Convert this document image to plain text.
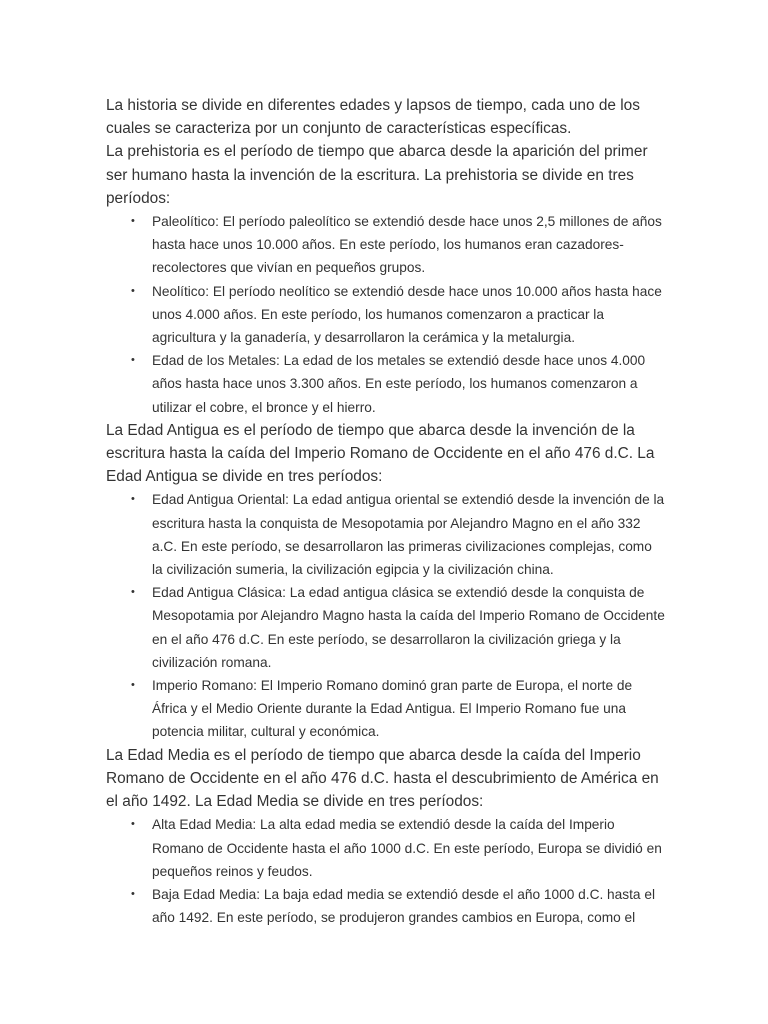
La historia se divide en diferentes edades y lapsos de tiempo, cada uno de los cuales se caracteriza por un conjunto de características específicas.

La prehistoria es el período de tiempo que abarca desde la aparición del primer ser humano hasta la invención de la escritura. La prehistoria se divide en tres períodos:

• Paleolítico: El período paleolítico se extendió desde hace unos 2,5 millones de años hasta hace unos 10.000 años. En este período, los humanos eran cazadores-recolectores que vivían en pequeños grupos.
• Neolítico: El período neolítico se extendió desde hace unos 10.000 años hasta hace unos 4.000 años. En este período, los humanos comenzaron a practicar la agricultura y la ganadería, y desarrollaron la cerámica y la metalurgia.
• Edad de los Metales: La edad de los metales se extendió desde hace unos 4.000 años hasta hace unos 3.300 años. En este período, los humanos comenzaron a utilizar el cobre, el bronce y el hierro.

La Edad Antigua es el período de tiempo que abarca desde la invención de la escritura hasta la caída del Imperio Romano de Occidente en el año 476 d.C. La Edad Antigua se divide en tres períodos:

• Edad Antigua Oriental: La edad antigua oriental se extendió desde la invención de la escritura hasta la conquista de Mesopotamia por Alejandro Magno en el año 332 a.C. En este período, se desarrollaron las primeras civilizaciones complejas, como la civilización sumeria, la civilización egipcia y la civilización china.
• Edad Antigua Clásica: La edad antigua clásica se extendió desde la conquista de Mesopotamia por Alejandro Magno hasta la caída del Imperio Romano de Occidente en el año 476 d.C. En este período, se desarrollaron la civilización griega y la civilización romana.
• Imperio Romano: El Imperio Romano dominó gran parte de Europa, el norte de África y el Medio Oriente durante la Edad Antigua. El Imperio Romano fue una potencia militar, cultural y económica.

La Edad Media es el período de tiempo que abarca desde la caída del Imperio Romano de Occidente en el año 476 d.C. hasta el descubrimiento de América en el año 1492. La Edad Media se divide en tres períodos:

• Alta Edad Media: La alta edad media se extendió desde la caída del Imperio Romano de Occidente hasta el año 1000 d.C. En este período, Europa se dividió en pequeños reinos y feudos.
• Baja Edad Media: La baja edad media se extendió desde el año 1000 d.C. hasta el año 1492. En este período, se produjeron grandes cambios en Europa, como el
